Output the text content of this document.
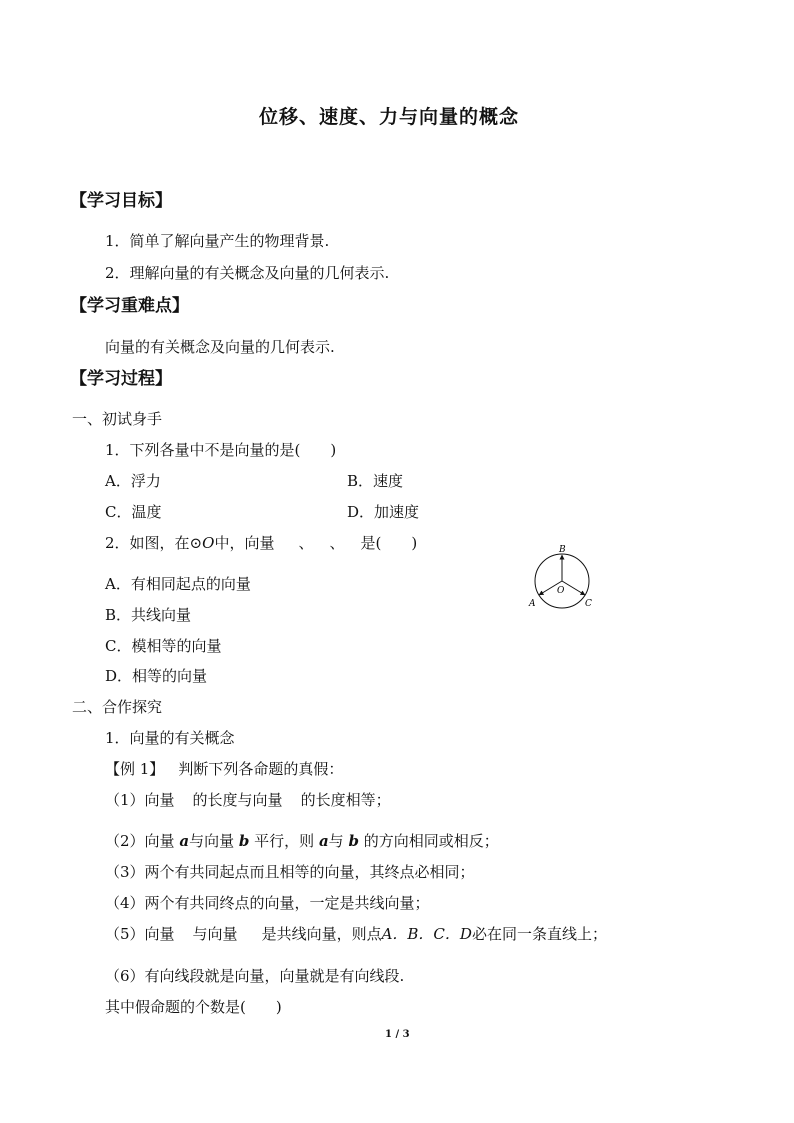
位移、速度、力与向量的概念
【学习目标】
1．简单了解向量产生的物理背景.
2．理解向量的有关概念及向量的几何表示.
【学习重难点】
向量的有关概念及向量的几何表示.
【学习过程】
一、初试身手
1．下列各量中不是向量的是(　　)
A．浮力	B．速度
C．温度	D．加速度
2．如图，在⊙O中，向量 、 、 是(　　)	B
A	C
O
A．有相同起点的向量
B．共线向量
C．模相等的向量
D．相等的向量
二、合作探究
1．向量的有关概念
【例 1】 判断下列各命题的真假：
（1）向量 的长度与向量 的长度相等；
（2）向量 a与向量 b 平行，则 a与 b 的方向相同或相反；
（3）两个有共同起点而且相等的向量，其终点必相同；
（4）两个有共同终点的向量，一定是共线向量；
（5）向量 与向量 是共线向量，则点A．B．C．D必在同一条直线上；
（6）有向线段就是向量，向量就是有向线段.
其中假命题的个数是(　　)
1 / 3
